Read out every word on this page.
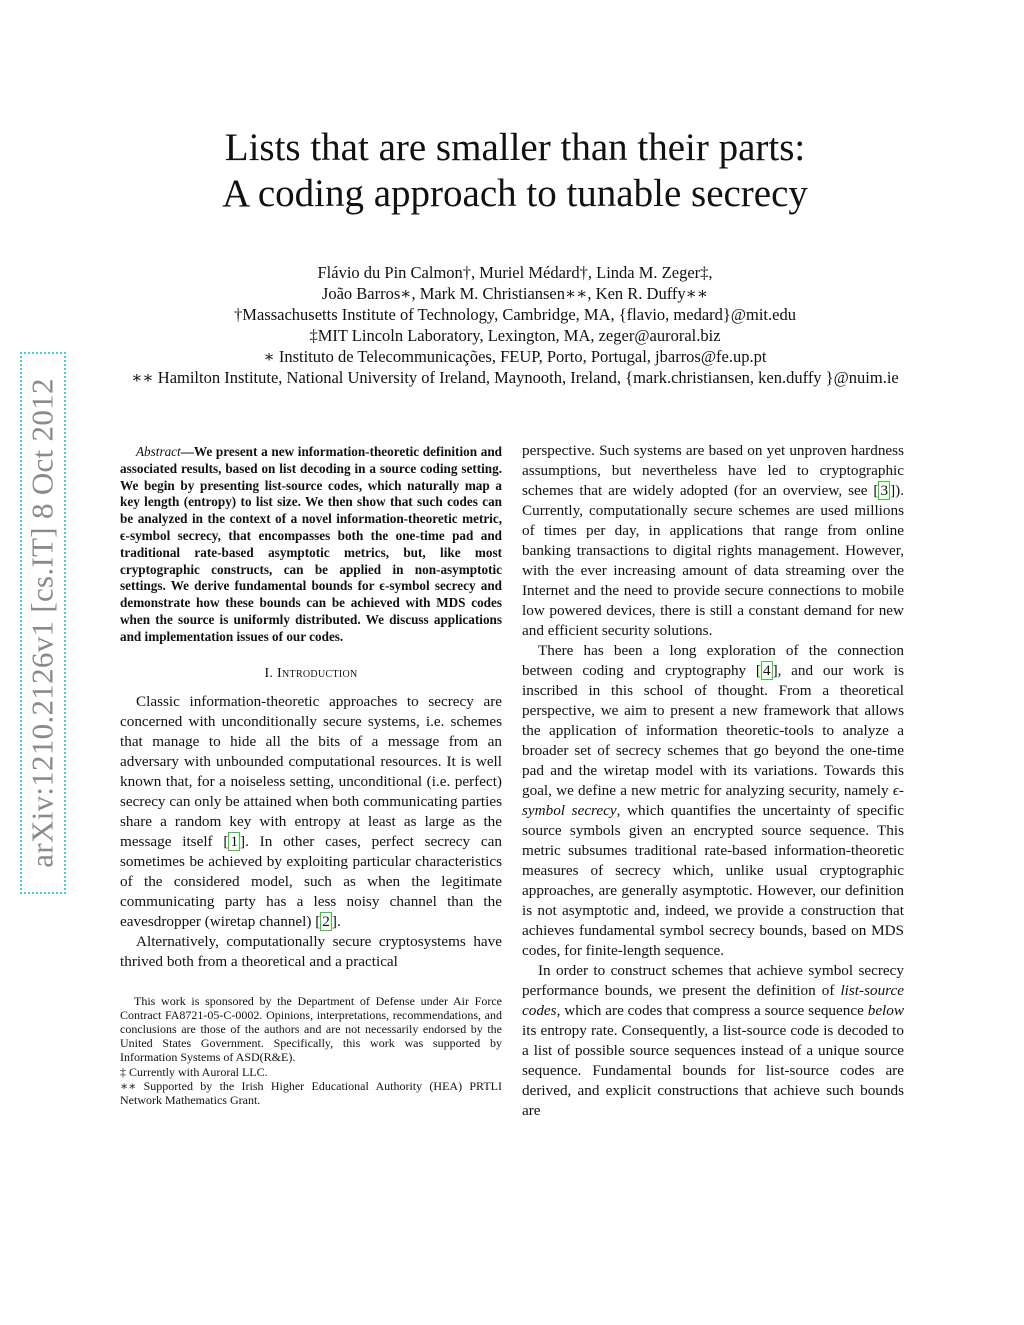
arXiv:1210.2126v1 [cs.IT] 8 Oct 2012
Lists that are smaller than their parts:
A coding approach to tunable secrecy
Flávio du Pin Calmon†, Muriel Médard†, Linda M. Zeger‡,
João Barros∗, Mark M. Christiansen∗∗, Ken R. Duffy∗∗
†Massachusetts Institute of Technology, Cambridge, MA, {flavio, medard}@mit.edu
‡MIT Lincoln Laboratory, Lexington, MA, zeger@auroral.biz
∗ Instituto de Telecommunicações, FEUP, Porto, Portugal, jbarros@fe.up.pt
∗∗ Hamilton Institute, National University of Ireland, Maynooth, Ireland, {mark.christiansen, ken.duffy }@nuim.ie

Abstract—We present a new information-theoretic definition and associated results, based on list decoding in a source coding setting. We begin by presenting list-source codes, which naturally map a key length (entropy) to list size. We then show that such codes can be analyzed in the context of a novel information-theoretic metric, ϵ-symbol secrecy, that encompasses both the one-time pad and traditional rate-based asymptotic metrics, but, like most cryptographic constructs, can be applied in non-asymptotic settings. We derive fundamental bounds for ϵ-symbol secrecy and demonstrate how these bounds can be achieved with MDS codes when the source is uniformly distributed. We discuss applications and implementation issues of our codes.

I. Introduction

Classic information-theoretic approaches to secrecy are concerned with unconditionally secure systems, i.e. schemes that manage to hide all the bits of a message from an adversary with unbounded computational resources. It is well known that, for a noiseless setting, unconditional (i.e. perfect) secrecy can only be attained when both communicating parties share a random key with entropy at least as large as the message itself [ 1 ]. In other cases, perfect secrecy can sometimes be achieved by exploiting particular characteristics of the considered model, such as when the legitimate communicating party has a less noisy channel than the eavesdropper (wiretap channel) [ 2 ].

Alternatively, computationally secure cryptosystems have thrived both from a theoretical and a practical

This work is sponsored by the Department of Defense under Air Force Contract FA8721-05-C-0002. Opinions, interpretations, recommendations, and conclusions are those of the authors and are not necessarily endorsed by the United States Government. Specifically, this work was supported by Information Systems of ASD(R&E).

‡ Currently with Auroral LLC.

∗∗ Supported by the Irish Higher Educational Authority (HEA) PRTLI Network Mathematics Grant.

perspective. Such systems are based on yet unproven hardness assumptions, but nevertheless have led to cryptographic schemes that are widely adopted (for an overview, see [ 3 ]). Currently, computationally secure schemes are used millions of times per day, in applications that range from online banking transactions to digital rights management. However, with the ever increasing amount of data streaming over the Internet and the need to provide secure connections to mobile low powered devices, there is still a constant demand for new and efficient security solutions.

There has been a long exploration of the connection between coding and cryptography [ 4 ], and our work is inscribed in this school of thought. From a theoretical perspective, we aim to present a new framework that allows the application of information theoretic-tools to analyze a broader set of secrecy schemes that go beyond the one-time pad and the wiretap model with its variations. Towards this goal, we define a new metric for analyzing security, namely ϵ-symbol secrecy, which quantifies the uncertainty of specific source symbols given an encrypted source sequence. This metric subsumes traditional rate-based information-theoretic measures of secrecy which, unlike usual cryptographic approaches, are generally asymptotic. However, our definition is not asymptotic and, indeed, we provide a construction that achieves fundamental symbol secrecy bounds, based on MDS codes, for finite-length sequence.

In order to construct schemes that achieve symbol secrecy performance bounds, we present the definition of list-source codes, which are codes that compress a source sequence below its entropy rate. Consequently, a list-source code is decoded to a list of possible source sequences instead of a unique source sequence. Fundamental bounds for list-source codes are derived, and explicit constructions that achieve such bounds are
